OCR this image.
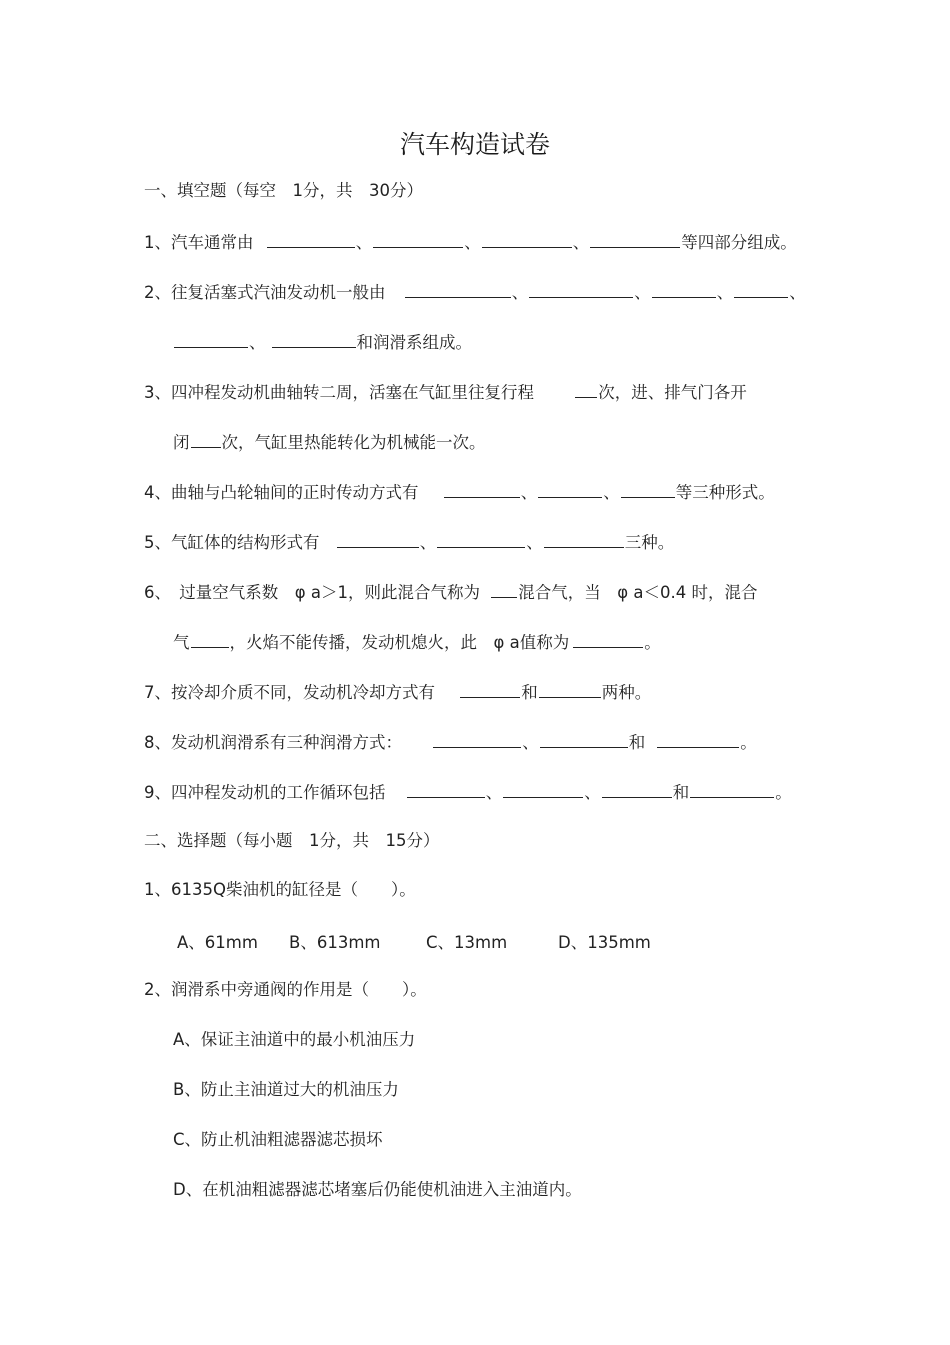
汽车构造试卷
一、填空题（每空　1分，共　30分）
1、汽车通常由	、	、	、	等四部分组成。
2、往复活塞式汽油发动机一般由	、	、	、	、
、	和润滑系组成。
3、四冲程发动机曲轴转二周，活塞在气缸里往复行程	次，进、排气门各开
闭 次，气缸里热能转化为机械能一次。
4、曲轴与凸轮轴间的正时传动方式有	、	、	等三种形式。
5、气缸体的结构形式有	、	、	三种。
6、　过量空气系数　φ a＞1，则此混合气称为 混合气，当　φ a＜0.4 时，混合
气 ，火焰不能传播，发动机熄火，此　φ a值称为	。
7、按冷却介质不同，发动机冷却方式有	和	两种。
8、发动机润滑系有三种润滑方式：	、	和	。
9、四冲程发动机的工作循环包括	、	、	和	。
二、选择题（每小题　1分，共　15分）
1、6135Q柴油机的缸径是（　　）。
A、61mm B、613mm	C、13mm	D、135mm
2、润滑系中旁通阀的作用是（　　）。
A、保证主油道中的最小机油压力
B、防止主油道过大的机油压力
C、防止机油粗滤器滤芯损坏
D、在机油粗滤器滤芯堵塞后仍能使机油进入主油道内。
